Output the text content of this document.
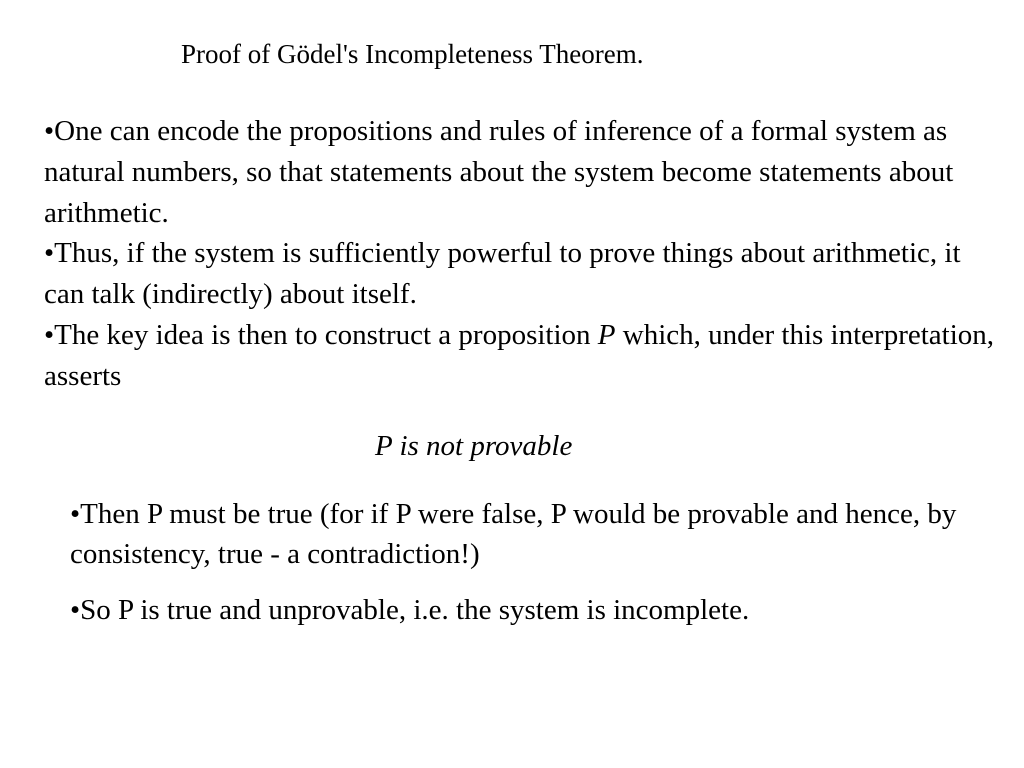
Proof of Gödel's Incompleteness Theorem.

•One can encode the propositions and rules of inference of a formal system as natural numbers, so that statements about the system become statements about arithmetic.

•Thus, if the system is sufficiently powerful to prove things about arithmetic, it can talk (indirectly) about itself.

•The key idea is then to construct a proposition P which, under this interpretation, asserts

P is not provable

•Then P must be true (for if P were false, P would be provable and hence, by consistency, true - a contradiction!)

•So P is true and unprovable, i.e. the system is incomplete.
